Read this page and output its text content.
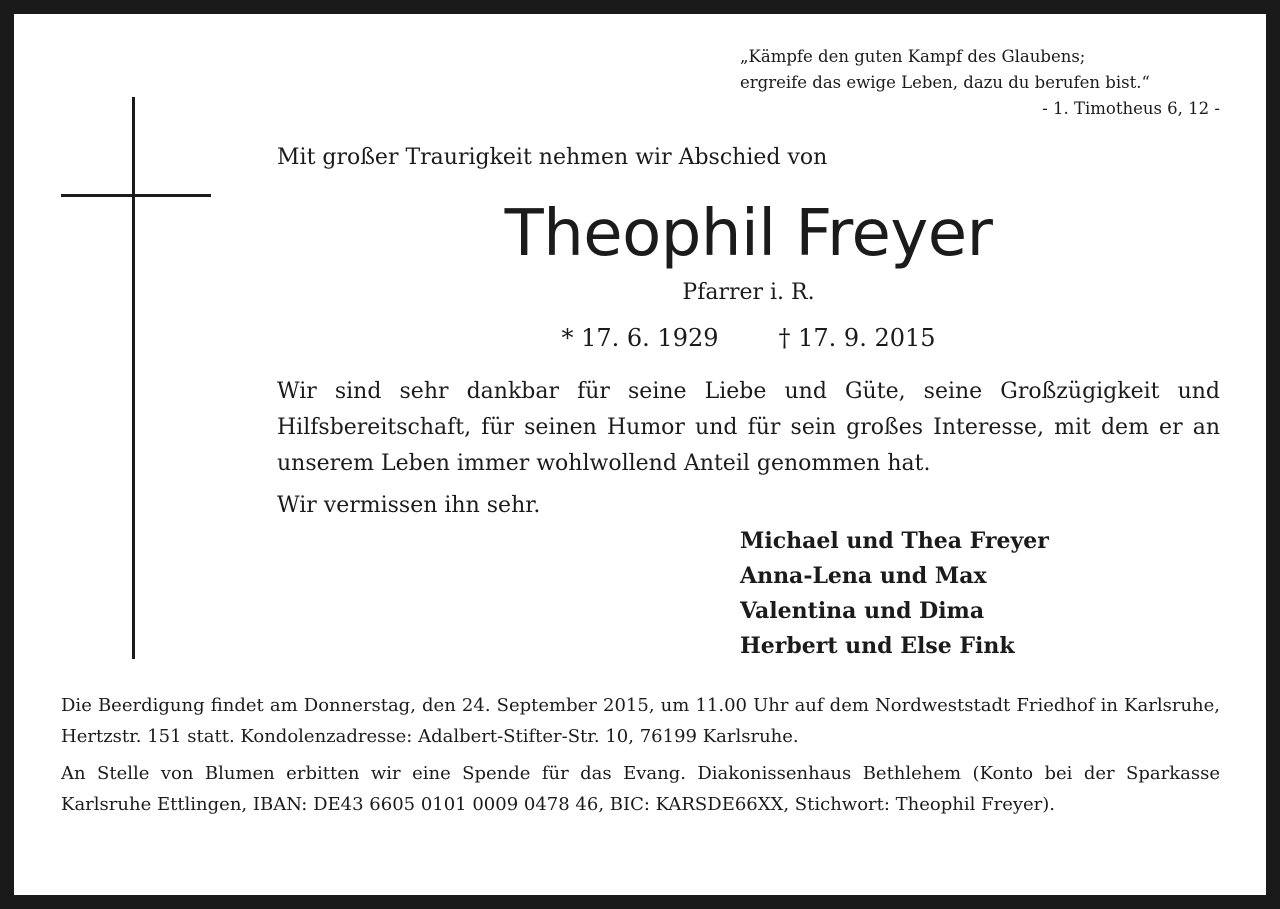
„Kämpfe den guten Kampf des Glaubens;
ergreife das ewige Leben, dazu du berufen bist.“
- 1. Timotheus 6, 12 -
Mit großer Traurigkeit nehmen wir Abschied von
Theophil Freyer
Pfarrer i. R.
* 17. 6. 1929	† 17. 9. 2015

Wir sind sehr dankbar für seine Liebe und Güte, seine Großzügigkeit und Hilfsbereitschaft, für seinen Humor und für sein großes Interesse, mit dem er an unserem Leben immer wohlwollend Anteil genommen hat.

Wir vermissen ihn sehr.

Michael und Thea Freyer
Anna-Lena und Max
Valentina und Dima
Herbert und Else Fink

Die Beerdigung findet am Donnerstag, den 24. September 2015, um 11.00 Uhr auf dem Nordweststadt Friedhof in Karlsruhe, Hertzstr. 151 statt. Kondolenzadresse: Adalbert-Stifter-Str. 10, 76199 Karlsruhe.

An Stelle von Blumen erbitten wir eine Spende für das Evang. Diakonissenhaus Bethlehem (Konto bei der Sparkasse Karlsruhe Ettlingen, IBAN: DE43 6605 0101 0009 0478 46, BIC: KARSDE66XX, Stichwort: Theophil Freyer).
